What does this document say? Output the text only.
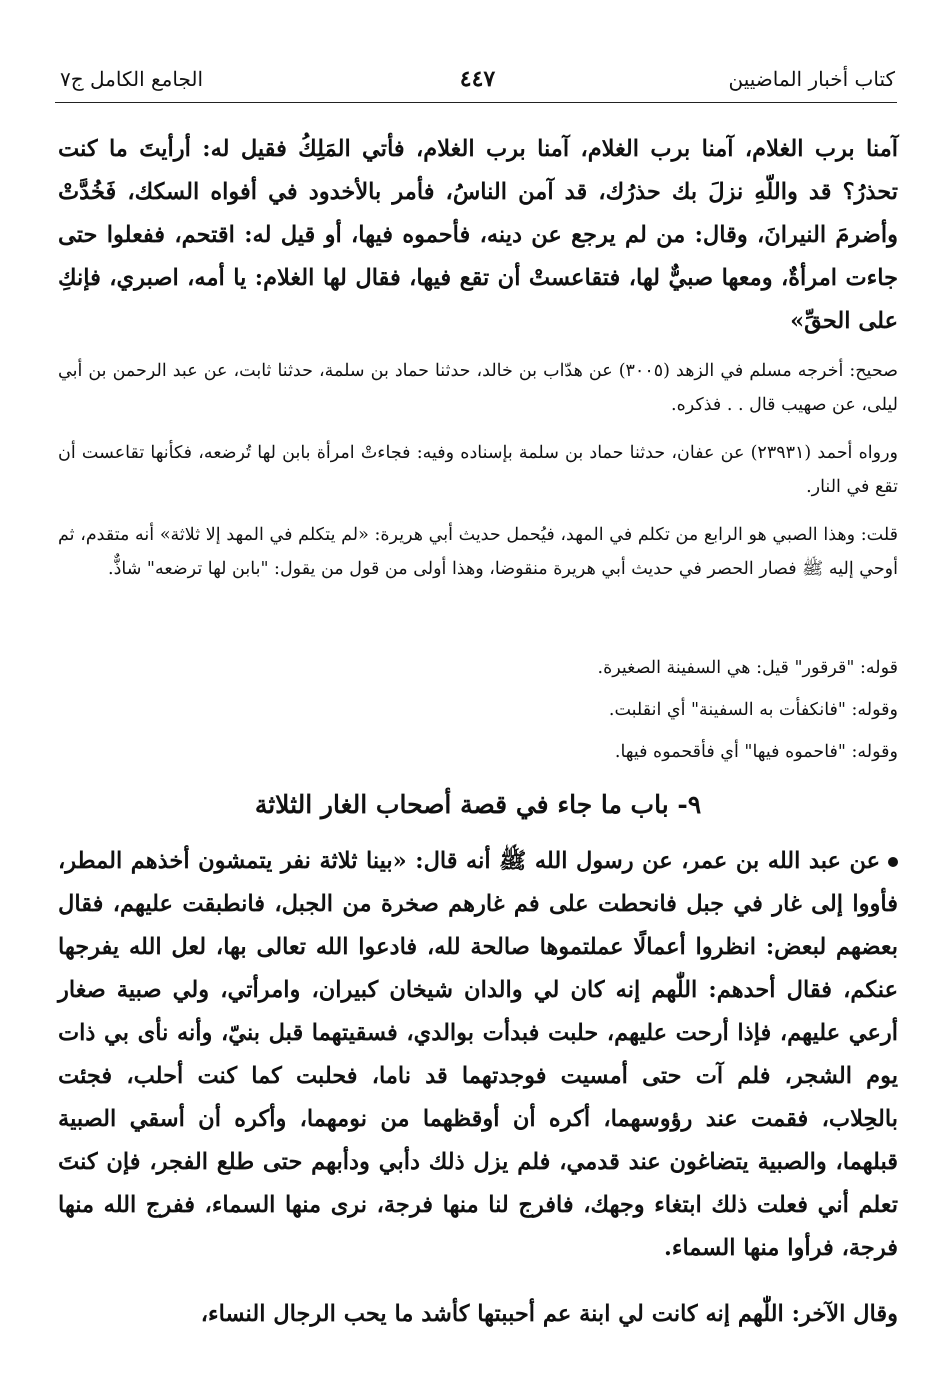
كتاب أخبار الماضيين
٤٤٧
الجامع الكامل ج٧

آمنا برب الغلام، آمنا برب الغلام، آمنا برب الغلام، فأتي المَلِكُ فقيل له: أرأيتَ ما كنت تحذرُ؟ قد واللّهِ نزلَ بك حذرُك، قد آمن الناسُ، فأمر بالأخدود في أفواه السكك، فَخُدَّتْ وأضرمَ النيرانَ، وقال: من لم يرجع عن دينه، فأحموه فيها، أو قيل له: اقتحم، ففعلوا حتى جاءت امرأةٌ، ومعها صبيٌّ لها، فتقاعستْ أن تقع فيها، فقال لها الغلام: يا أمه، اصبري، فإنكِ على الحقِّ»

صحيح: أخرجه مسلم في الزهد (٣٠٠٥) عن هدّاب بن خالد، حدثنا حماد بن سلمة، حدثنا ثابت، عن عبد الرحمن بن أبي ليلى، عن صهيب قال . . فذكره.

ورواه أحمد (٢٣٩٣١) عن عفان، حدثنا حماد بن سلمة بإسناده وفيه: فجاءتْ امرأة بابن لها تُرضعه، فكأنها تقاعست أن تقع في النار.

قلت: وهذا الصبي هو الرابع من تكلم في المهد، فيُحمل حديث أبي هريرة: «لم يتكلم في المهد إلا ثلاثة» أنه متقدم، ثم أوحي إليه ﷺ فصار الحصر في حديث أبي هريرة منقوضا، وهذا أولى من قول من يقول: "بابن لها ترضعه" شاذٌّ.

قوله: "قرقور" قيل: هي السفينة الصغيرة.

وقوله: "فانكفأت به السفينة" أي انقلبت.

وقوله: "فاحموه فيها" أي فأقحموه فيها.

٩- باب ما جاء في قصة أصحاب الغار الثلاثة

عن عبد الله بن عمر، عن رسول الله ﷺ أنه قال: «بينا ثلاثة نفر يتمشون أخذهم المطر، فأووا إلى غار في جبل فانحطت على فم غارهم صخرة من الجبل، فانطبقت عليهم، فقال بعضهم لبعض: انظروا أعمالًا عملتموها صالحة لله، فادعوا الله تعالى بها، لعل الله يفرجها عنكم، فقال أحدهم: اللّٰهم إنه كان لي والدان شيخان كبيران، وامرأتي، ولي صبية صغار أرعي عليهم، فإذا أرحت عليهم، حلبت فبدأت بوالدي، فسقيتهما قبل بنيّ، وأنه نأى بي ذات يوم الشجر، فلم آت حتى أمسيت فوجدتهما قد ناما، فحلبت كما كنت أحلب، فجئت بالحِلاب، فقمت عند رؤوسهما، أكره أن أوقظهما من نومهما، وأكره أن أسقي الصبية قبلهما، والصبية يتضاغون عند قدمي، فلم يزل ذلك دأبي ودأبهم حتى طلع الفجر، فإن كنتَ تعلم أني فعلت ذلك ابتغاء وجهك، فافرج لنا منها فرجة، نرى منها السماء، ففرج الله منها فرجة، فرأوا منها السماء.

وقال الآخر: اللّٰهم إنه كانت لي ابنة عم أحببتها كأشد ما يحب الرجال النساء،
